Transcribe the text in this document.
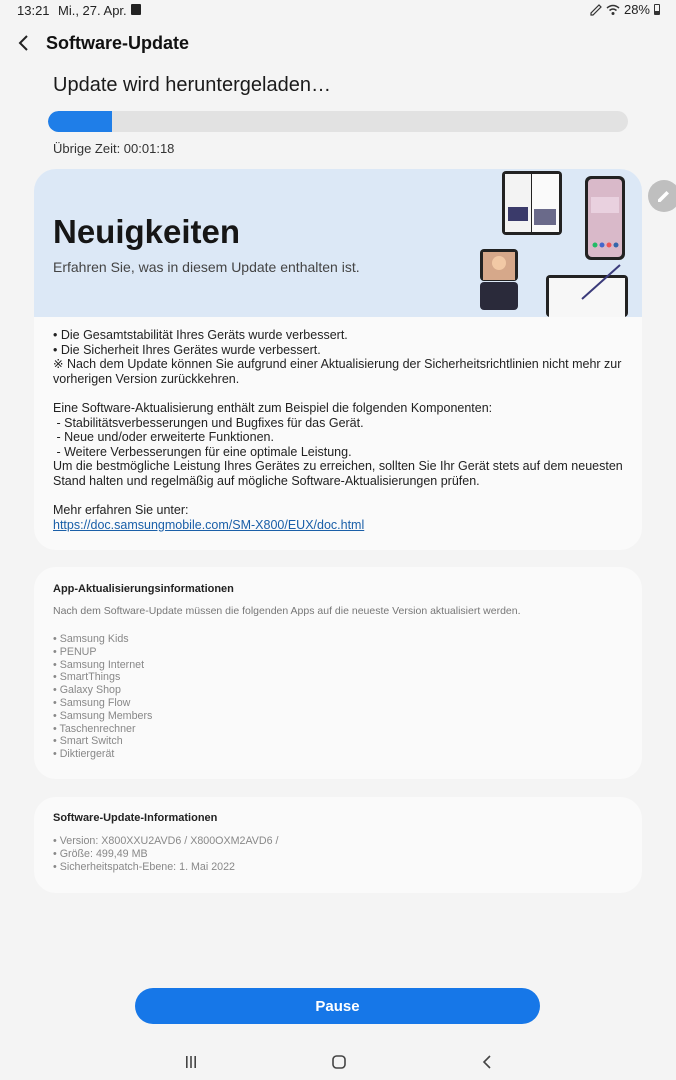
13:21 Mi., 27. Apr.	28%
Software-Update
Update wird heruntergeladen…
Übrige Zeit: 00:01:18
Neuigkeiten
Erfahren Sie, was in diesem Update enthalten ist.
• Die Gesamtstabilität Ihres Geräts wurde verbessert.
• Die Sicherheit Ihres Gerätes wurde verbessert.
※ Nach dem Update können Sie aufgrund einer Aktualisierung der Sicherheitsrichtlinien nicht mehr zur
vorherigen Version zurückkehren.
Eine Software-Aktualisierung enthält zum Beispiel die folgenden Komponenten:
- Stabilitätsverbesserungen und Bugfixes für das Gerät.
- Neue und/oder erweiterte Funktionen.
- Weitere Verbesserungen für eine optimale Leistung.
Um die bestmögliche Leistung Ihres Gerätes zu erreichen, sollten Sie Ihr Gerät stets auf dem neuesten
Stand halten und regelmäßig auf mögliche Software-Aktualisierungen prüfen.
Mehr erfahren Sie unter:
https://doc.samsungmobile.com/SM-X800/EUX/doc.html
App-Aktualisierungsinformationen
Nach dem Software-Update müssen die folgenden Apps auf die neueste Version aktualisiert werden.
• Samsung Kids
• PENUP
• Samsung Internet
• SmartThings
• Galaxy Shop
• Samsung Flow
• Samsung Members
• Taschenrechner
• Smart Switch
• Diktiergerät
Software-Update-Informationen
• Version: X800XXU2AVD6 / X800OXM2AVD6 /
• Größe: 499,49 MB
• Sicherheitspatch-Ebene: 1. Mai 2022
Pause
